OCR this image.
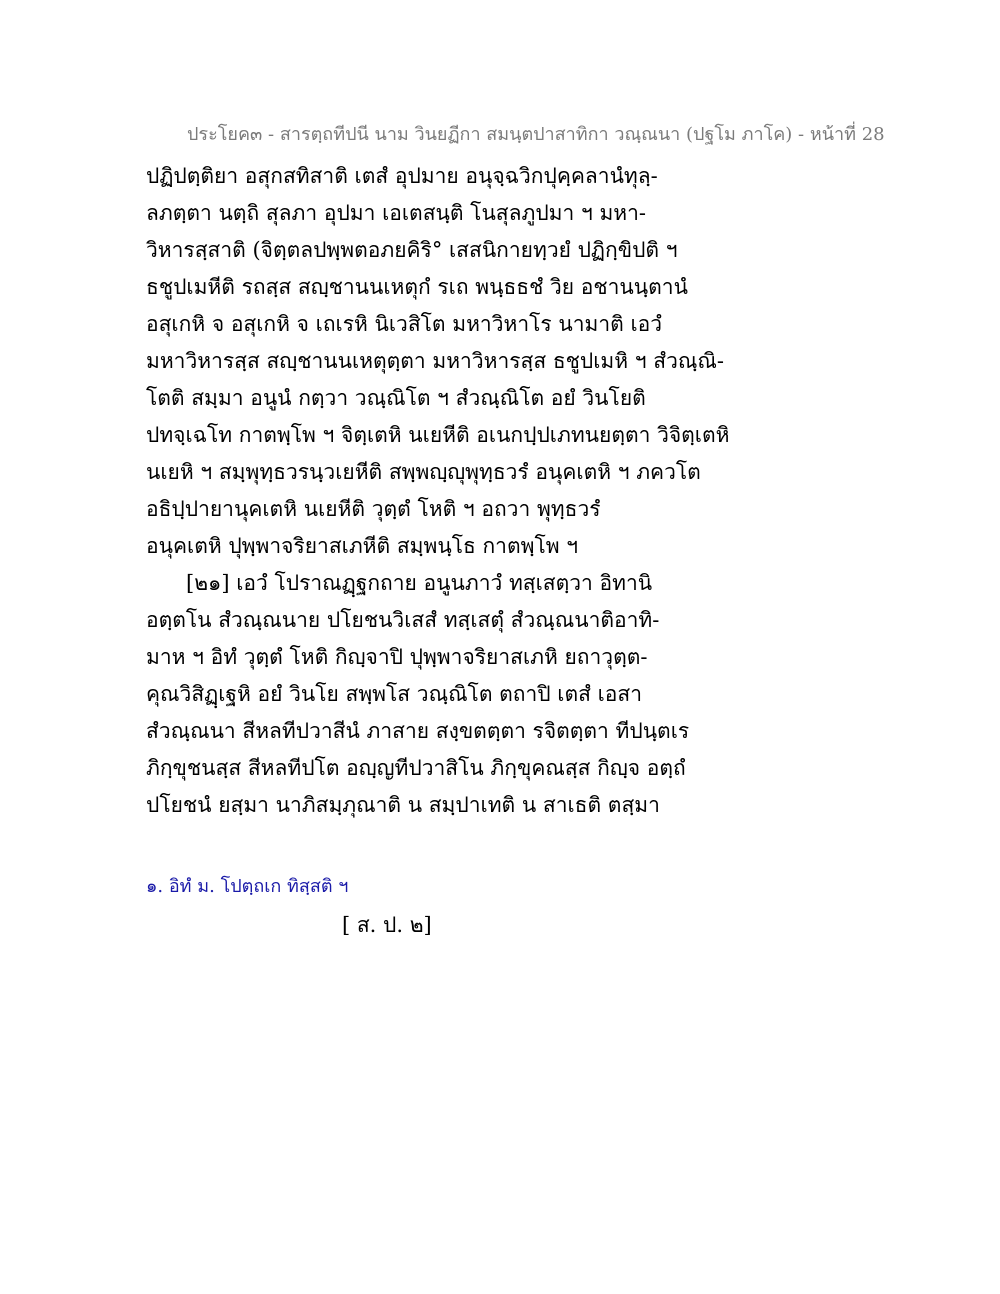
ประโยค๓ - สารตฺถทีปนี นาม วินยฏีกา สมนฺตปาสาทิกา วณฺณนา (ปฐโม ภาโค) - หน้าที่ 28
ปฏิปตฺติยา อสุกสทิสาติ เตสํ อุปมาย อนุจฺฉวิกปุคฺคลานํทุลฺ-
ลภตฺตา นตฺถิ สุลภา อุปมา เอเตสนฺติ โนสุลภูปมา ฯ มหา-
วิหารสฺสาติ (จิตฺตลปพฺพตอภยคิริ° เสสนิกายทฺวยํ ปฏิกฺขิปติ ฯ
ธชูปเมหีติ รถสฺส สญฺชานนเหตุกํ รเถ พนฺธธชํ วิย อชานนฺตานํ
อสุเกหิ จ อสุเกหิ จ เถเรหิ นิเวสิโต มหาวิหาโร นามาติ เอวํ
มหาวิหารสฺส สญฺชานนเหตุตฺตา มหาวิหารสฺส ธชูปเมหิ ฯ สํวณฺณิ-
โตติ สมฺมา อนูนํ กตฺวา วณฺณิโต ฯ สํวณฺณิโต อยํ วินโยติ
ปทจฺเฉโท กาตพฺโพ ฯ จิตฺเตหิ นเยหีติ อเนกปฺปเภทนยตฺตา วิจิตฺเตหิ
นเยหิ ฯ สมฺพุทฺธวรนฺวเยหีติ สพฺพญฺญุพุทฺธวรํ อนุคเตหิ ฯ ภควโต
อธิปฺปายานุคเตหิ นเยหีติ วุตฺตํ โหติ ฯ อถวา พุทฺธวรํ
อนุคเตหิ ปุพฺพาจริยาสเภหีติ สมฺพนฺโธ กาตพฺโพ ฯ
[๒๑] เอวํ โปราณฏฺฐกถาย อนูนภาวํ ทสฺเสตฺวา อิทานิ
อตฺตโน สํวณฺณนาย ปโยชนวิเสสํ ทสฺเสตุํ สํวณฺณนาติอาทิ-
มาห ฯ อิทํ วุตฺตํ โหติ กิญฺจาปิ ปุพฺพาจริยาสเภหิ ยถาวุตฺต-
คุณวิสิฏฺเฐหิ อยํ วินโย สพฺพโส วณฺณิโต ตถาปิ เตสํ เอสา
สํวณฺณนา สีหลทีปวาสีนํ ภาสาย สงฺขตตฺตา รจิตตฺตา ทีปนฺตเร
ภิกฺขุชนสฺส สีหลทีปโต อญฺญทีปวาสิโน ภิกฺขุคณสฺส กิญฺจ อตฺถํ
ปโยชนํ ยสฺมา นาภิสมฺภุณาติ น สมฺปาเทติ น สาเธติ ตสฺมา
๑. อิทํ ม. โปตฺถเก ทิสฺสติ ฯ
[ ส. ป. ๒]
